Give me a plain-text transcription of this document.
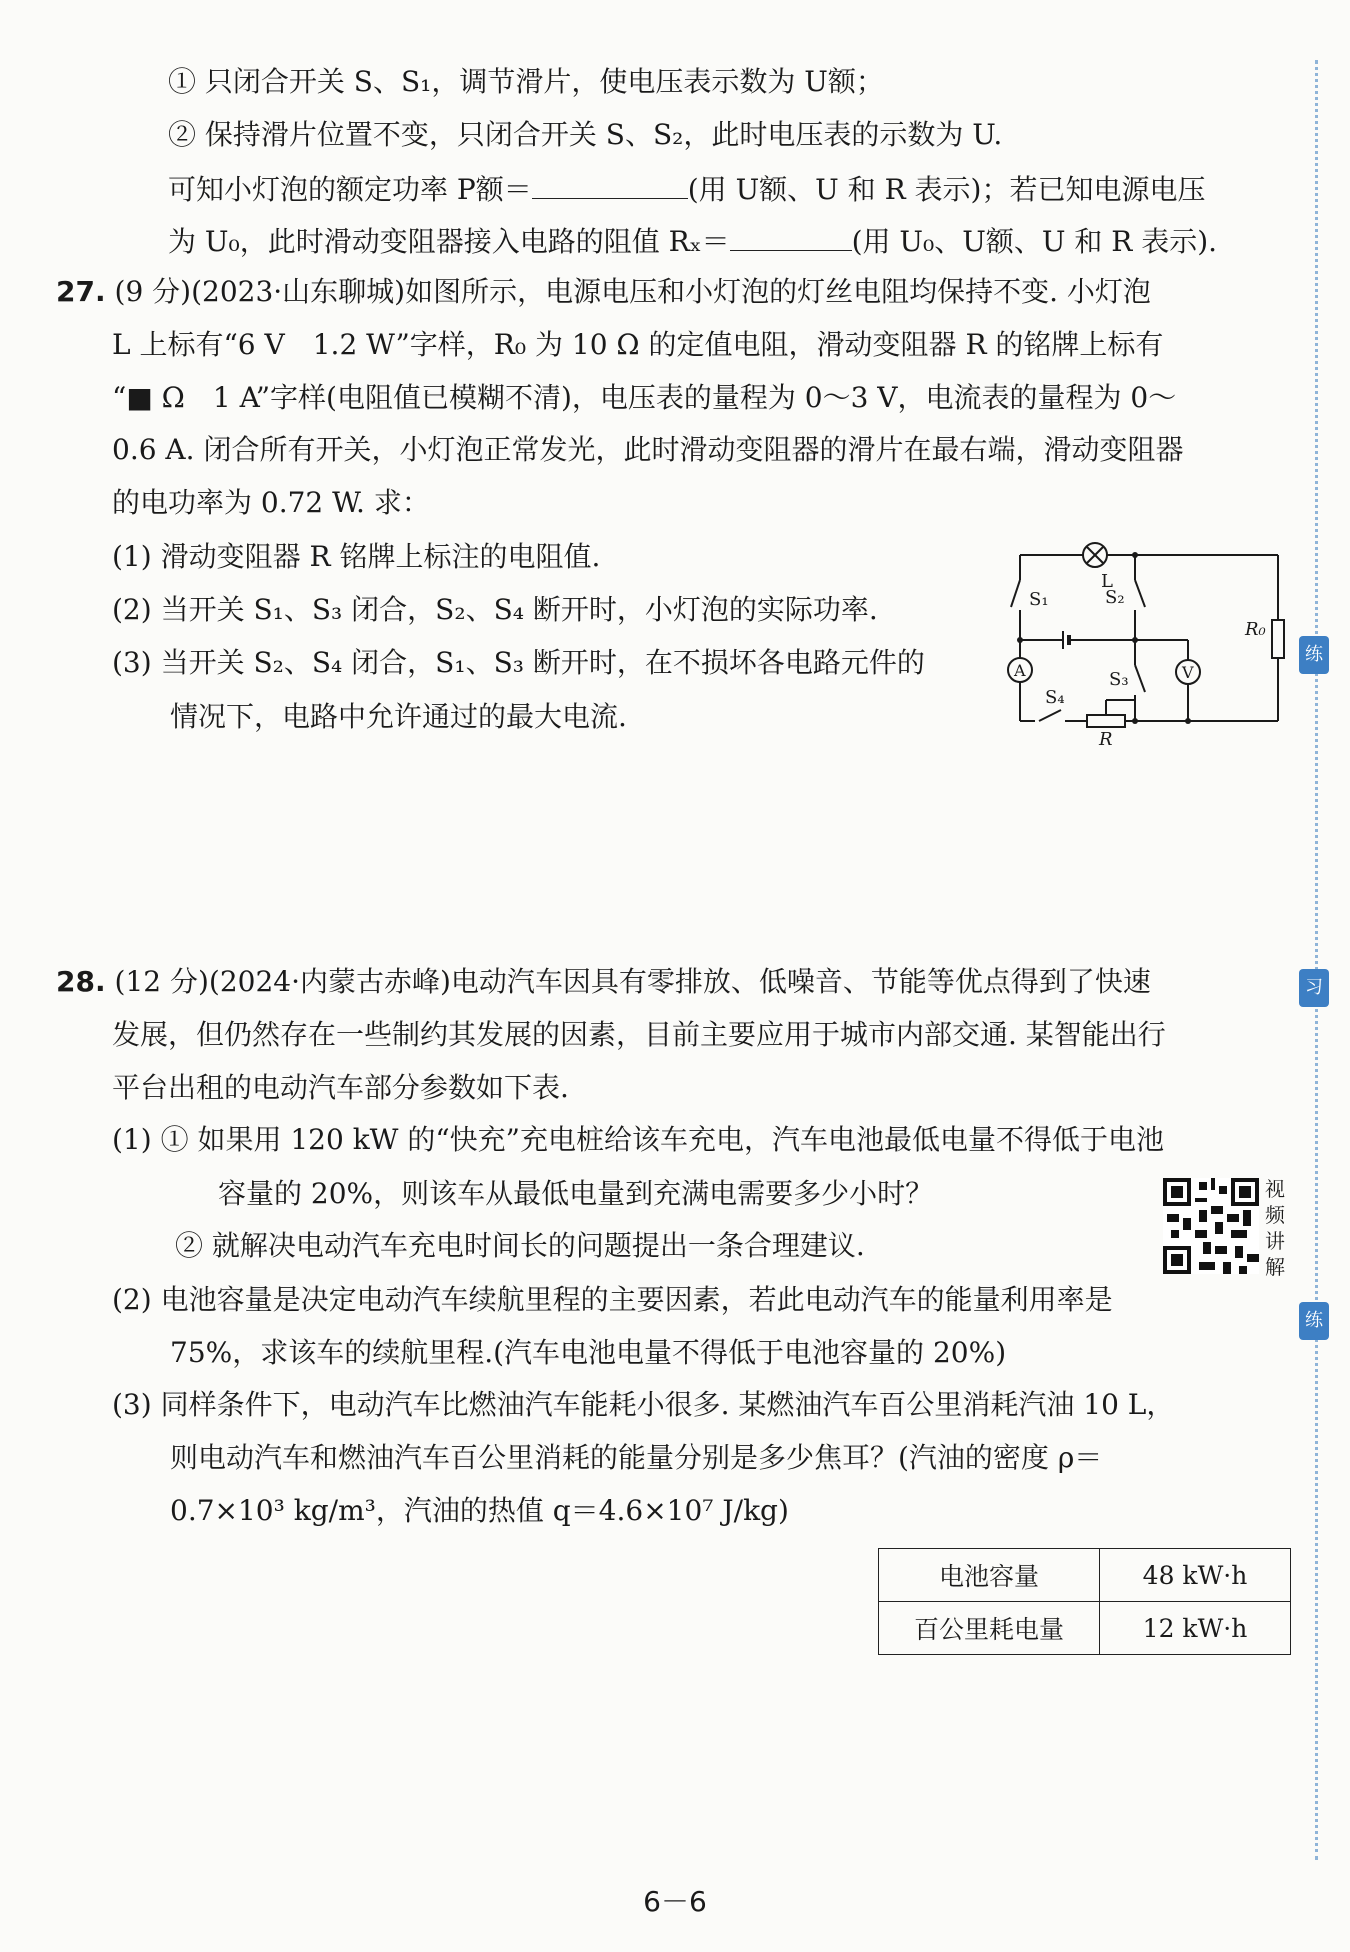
① 只闭合开关 S、S₁，调节滑片，使电压表示数为 U额；
② 保持滑片位置不变，只闭合开关 S、S₂，此时电压表的示数为 U.
可知小灯泡的额定功率 P额＝	(用 U额、U 和 R 表示)；若已知电源电压
为 U₀，此时滑动变阻器接入电路的阻值 Rₓ＝	(用 U₀、U额、U 和 R 表示).
27. (9 分)(2023·山东聊城)如图所示，电源电压和小灯泡的灯丝电阻均保持不变. 小灯泡
L 上标有“6 V　1.2 W”字样，R₀ 为 10 Ω 的定值电阻，滑动变阻器 R 的铭牌上标有
“■ Ω　1 A”字样(电阻值已模糊不清)，电压表的量程为 0～3 V，电流表的量程为 0～
0.6 A. 闭合所有开关，小灯泡正常发光，此时滑动变阻器的滑片在最右端，滑动变阻器
的电功率为 0.72 W. 求：
(1) 滑动变阻器 R 铭牌上标注的电阻值.
(2) 当开关 S₁、S₃ 闭合，S₂、S₄ 断开时，小灯泡的实际功率.
(3) 当开关 S₂、S₄ 闭合，S₁、S₃ 断开时，在不损坏各电路元件的
情况下，电路中允许通过的最大电流.
S₁
L
S₂
R₀
S₃
S₄
R
A	V
28. (12 分)(2024·内蒙古赤峰)电动汽车因具有零排放、低噪音、节能等优点得到了快速
发展，但仍然存在一些制约其发展的因素，目前主要应用于城市内部交通. 某智能出行
平台出租的电动汽车部分参数如下表.
(1) ① 如果用 120 kW 的“快充”充电桩给该车充电，汽车电池最低电量不得低于电池
容量的 20%，则该车从最低电量到充满电需要多少小时？
② 就解决电动汽车充电时间长的问题提出一条合理建议.
(2) 电池容量是决定电动汽车续航里程的主要因素，若此电动汽车的能量利用率是
75%，求该车的续航里程.(汽车电池电量不得低于电池容量的 20%)
(3) 同样条件下，电动汽车比燃油汽车能耗小很多. 某燃油汽车百公里消耗汽油 10 L，
则电动汽车和燃油汽车百公里消耗的能量分别是多少焦耳？(汽油的密度 ρ＝
0.7×10³ kg/m³，汽油的热值 q＝4.6×10⁷ J/kg)
视频讲解
电池容量	48 kW·h
百公里耗电量	12 kW·h
练
习
练
6－6
